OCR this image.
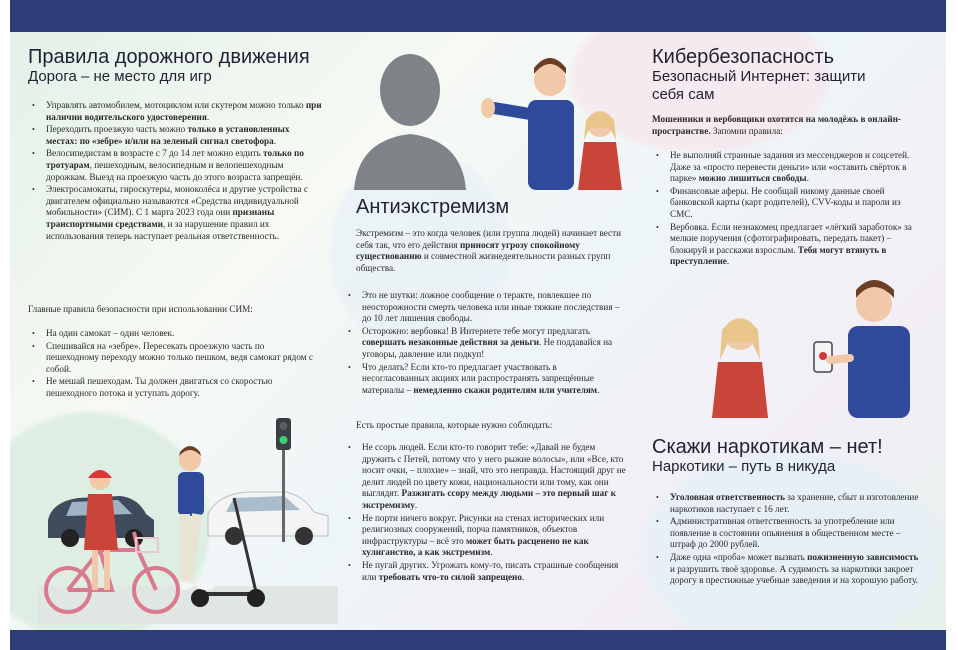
Правила дорожного движения
Дорога – не место для игр
• Управлять автомобилем, мотоциклом или скутером можно только при наличии водительского удостоверения.
• Переходить проезжую часть можно только в установленных местах: по «зебре» и/или на зеленый сигнал светофора.
• Велосипедистам в возрасте с 7 до 14 лет можно ездить только по тротуарам, пешеходным, велосипедным и велопешеходным дорожкам. Выезд на проезжую часть до этого возраста запрещён.
• Электросамокаты, гироскутеры, моноколёса и другие устройства с двигателем официально называются «Средства индивидуальной мобильности» (СИМ). С 1 марта 2023 года они признаны транспортными средствами, и за нарушение правил их использования теперь наступает реальная ответственность.

Главные правила безопасности при использовании СИМ:

• На один самокат – один человек.
• Спешивайся на «зебре». Пересекать проезжую часть по пешеходному переходу можно только пешком, ведя самокат рядом с собой.
• Не мешай пешеходам. Ты должен двигаться со скоростью пешеходного потока и уступать дорогу.
Антиэкстремизм

Экстремизм – это когда человек (или группа людей) начинает вести себя так, что его действия приносят угрозу спокойному существованию и совместной жизнедеятельности разных групп общества.

• Это не шутки: ложное сообщение о теракте, повлекшее по неосторожности смерть человека или иные тяжкие последствия – до 10 лет лишения свободы.
• Осторожно: вербовка! В Интернете тебе могут предлагать совершать незаконные действия за деньги. Не поддавайся на уговоры, давление или подкуп!
• Что делать? Если кто-то предлагает участвовать в несогласованных акциях или распространять запрещённые материалы – немедленно скажи родителям или учителям.

Есть простые правила, которые нужно соблюдать:

• Не ссорь людей. Если кто-то говорит тебе: «Давай не будем дружить с Петей, потому что у него рыжие волосы», или «Все, кто носит очки, – плохие» – знай, что это неправда. Настоящий друг не делит людей по цвету кожи, национальности или тому, как они выглядят. Разжигать ссору между людьми – это первый шаг к экстремизму.
• Не порти ничего вокруг. Рисунки на стенах исторических или религиозных сооружений, порча памятников, объектов инфраструктуры – всё это может быть расценено не как хулиганство, а как экстремизм.
• Не пугай других. Угрожать кому-то, писать страшные сообщения или требовать что-то силой запрещено.
Кибербезопасность
Безопасный Интернет: защити себя сам

Мошенники и вербовщики охотятся на молодёжь в онлайн-пространстве. Запомни правила:

• Не выполняй странные задания из мессенджеров и соцсетей. Даже за «просто перевести деньги» или «оставить свёрток в парке» можно лишиться свободы.
• Финансовые аферы. Не сообщай никому данные своей банковской карты (карт родителей), CVV-коды и пароли из СМС.
• Вербовка. Если незнакомец предлагает «лёгкий заработок» за мелкие поручения (сфотографировать, передать пакет) – блокируй и расскажи взрослым. Тебя могут втянуть в преступление.
Скажи наркотикам – нет!
Наркотики – путь в никуда
• Уголовная ответственность за хранение, сбыт и изготовление наркотиков наступает с 16 лет.
• Административная ответственность за употребление или появление в состоянии опьянения в общественном месте – штраф до 2000 рублей.
• Даже одна «проба» может вызвать пожизненную зависимость и разрушить твоё здоровье. А судимость за наркотики закроет дорогу в престижные учебные заведения и на хорошую работу.
